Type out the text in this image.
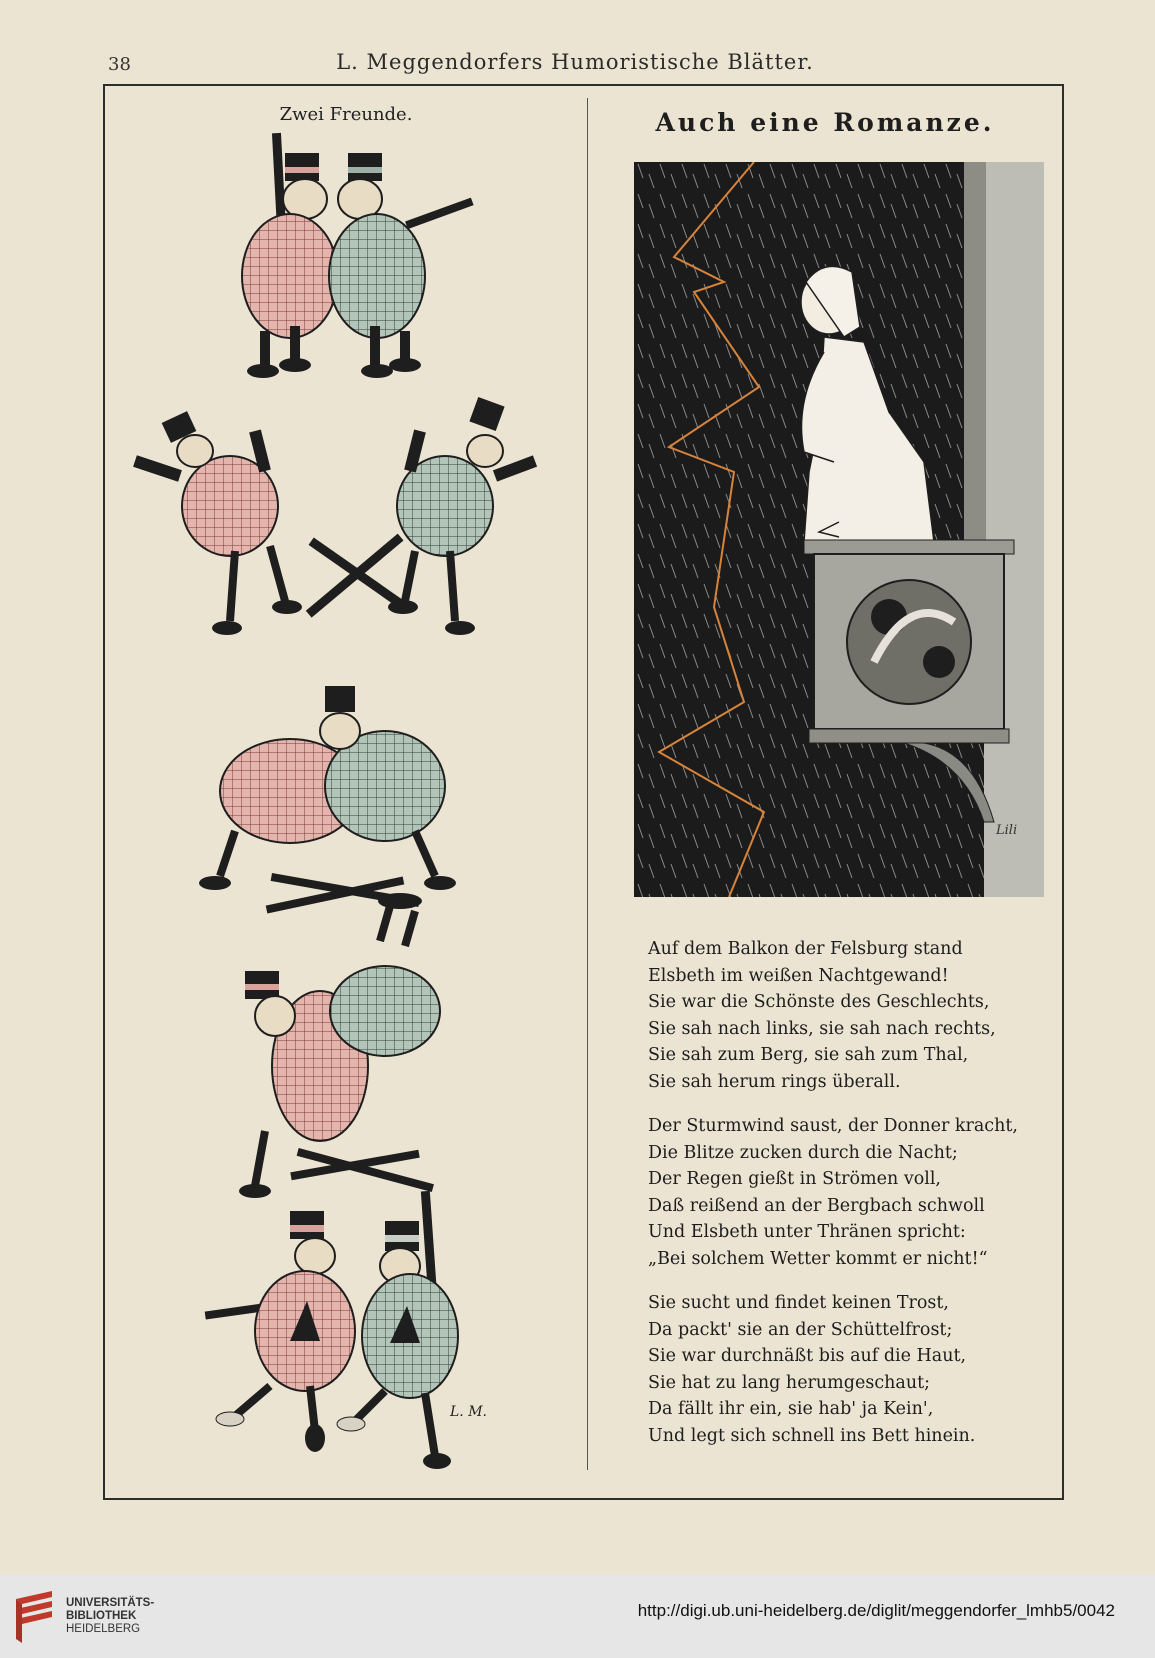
38	L. Meggendorfers Humoristische Blätter.
Zwei Freunde.
L. M.
Auch eine Romanze.
Lili
Auf dem Balkon der Felsburg stand
Elsbeth im weißen Nachtgewand!
Sie war die Schönste des Geschlechts,
Sie sah nach links, sie sah nach rechts,
Sie sah zum Berg, sie sah zum Thal,
Sie sah herum rings überall.
Der Sturmwind saust, der Donner kracht,
Die Blitze zucken durch die Nacht;
Der Regen gießt in Strömen voll,
Daß reißend an der Bergbach schwoll
Und Elsbeth unter Thränen spricht:
„Bei solchem Wetter kommt er nicht!“
Sie sucht und findet keinen Trost,
Da packt' sie an der Schüttelfrost;
Sie war durchnäßt bis auf die Haut,
Sie hat zu lang herumgeschaut;
Da fällt ihr ein, sie hab' ja Kein',
Und legt sich schnell ins Bett hinein.
UNIVERSITÄTS-
BIBLIOTHEK
HEIDELBERG
http://digi.ub.uni-heidelberg.de/diglit/meggendorfer_lmhb5/0042
